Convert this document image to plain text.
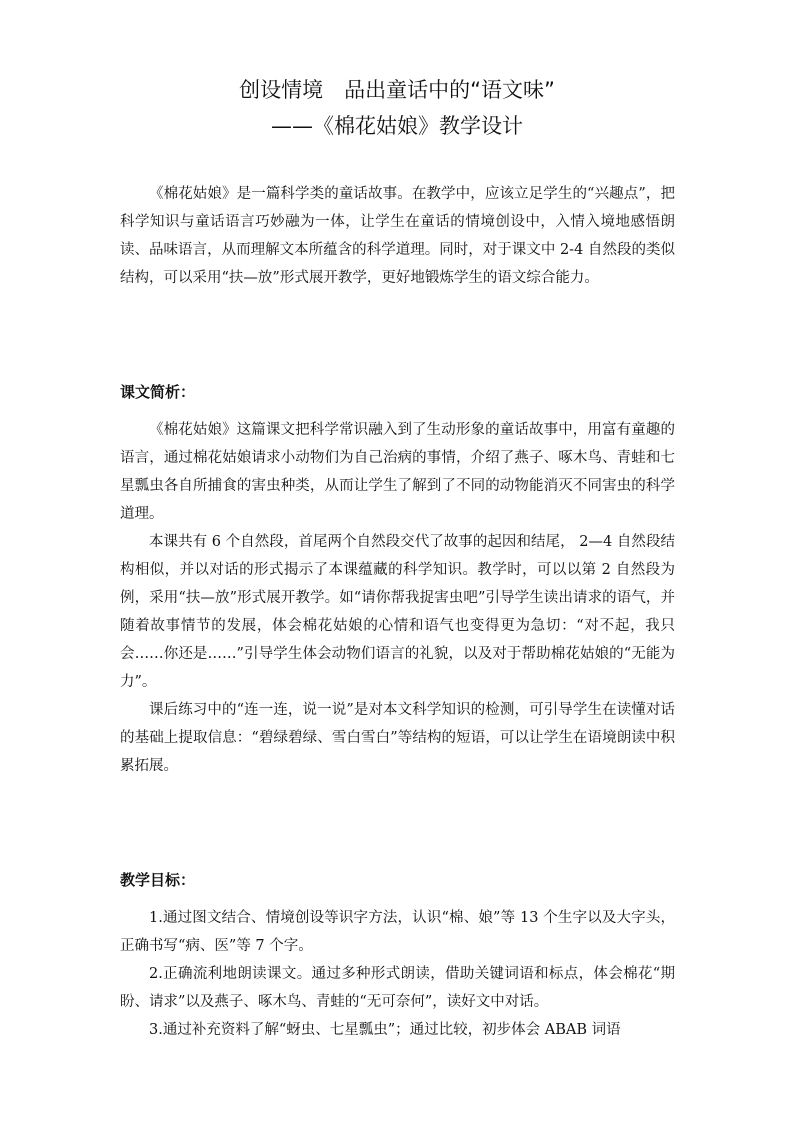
创设情境　品出童话中的“语文味”

——《棉花姑娘》教学设计

《棉花姑娘》是一篇科学类的童话故事。在教学中，应该立足学生的“兴趣点”，把科学知识与童话语言巧妙融为一体，让学生在童话的情境创设中，入情入境地感悟朗读、品味语言，从而理解文本所蕴含的科学道理。同时，对于课文中 2-4 自然段的类似结构，可以采用“扶—放”形式展开教学，更好地锻炼学生的语文综合能力。

课文简析：

《棉花姑娘》这篇课文把科学常识融入到了生动形象的童话故事中，用富有童趣的语言，通过棉花姑娘请求小动物们为自己治病的事情，介绍了燕子、啄木鸟、青蛙和七星瓢虫各自所捕食的害虫种类，从而让学生了解到了不同的动物能消灭不同害虫的科学道理。

本课共有 6 个自然段，首尾两个自然段交代了故事的起因和结尾， 2—4 自然段结构相似，并以对话的形式揭示了本课蕴藏的科学知识。教学时，可以以第 2 自然段为例，采用“扶—放”形式展开教学。如“请你帮我捉害虫吧”引导学生读出请求的语气，并随着故事情节的发展，体会棉花姑娘的心情和语气也变得更为急切：“对不起，我只会……你还是……”引导学生体会动物们语言的礼貌，以及对于帮助棉花姑娘的“无能为力”。

课后练习中的“连一连，说一说”是对本文科学知识的检测，可引导学生在读懂对话的基础上提取信息：“碧绿碧绿、雪白雪白”等结构的短语，可以让学生在语境朗读中积累拓展。

教学目标：

1.通过图文结合、情境创设等识字方法，认识“棉、娘”等 13 个生字以及大字头，正确书写“病、医”等 7 个字。

2.正确流利地朗读课文。通过多种形式朗读，借助关键词语和标点，体会棉花“期盼、请求”以及燕子、啄木鸟、青蛙的“无可奈何”，读好文中对话。

3.通过补充资料了解“蚜虫、七星瓢虫”；通过比较，初步体会 ABAB 词语
